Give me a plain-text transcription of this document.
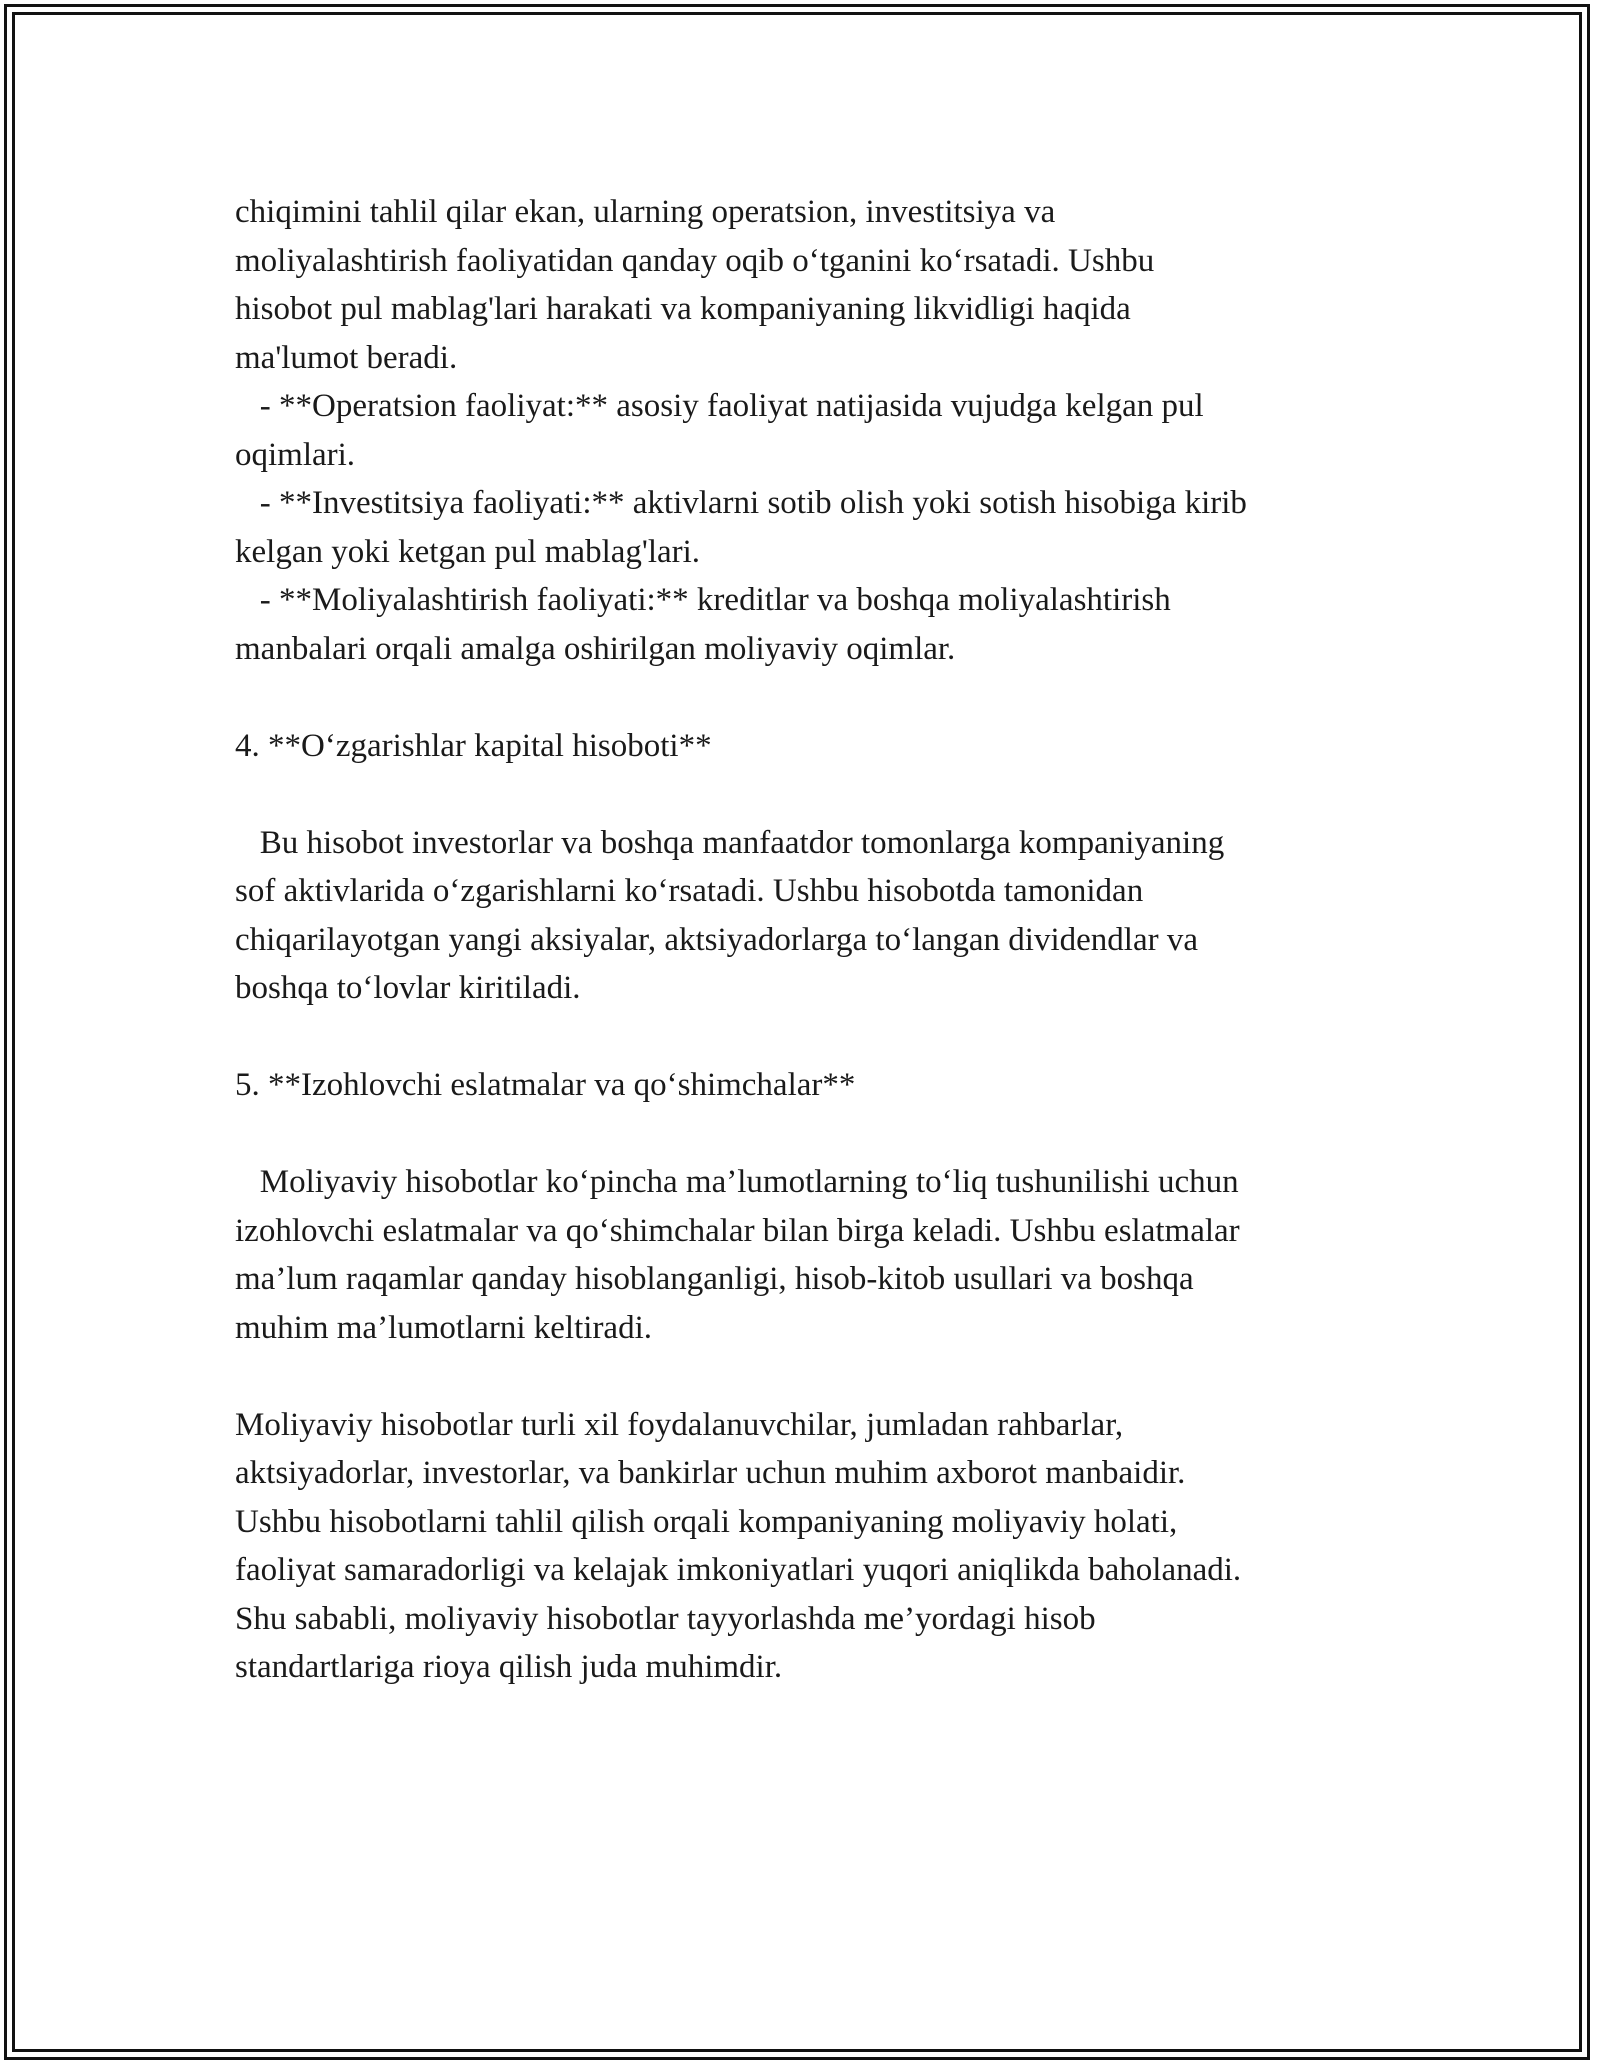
chiqimini tahlil qilar ekan, ularning operatsion, investitsiya va
moliyalashtirish faoliyatidan qanday oqib o‘tganini ko‘rsatadi. Ushbu
hisobot pul mablag'lari harakati va kompaniyaning likvidligi haqida
ma'lumot beradi.
- **Operatsion faoliyat:** asosiy faoliyat natijasida vujudga kelgan pul
oqimlari.
- **Investitsiya faoliyati:** aktivlarni sotib olish yoki sotish hisobiga kirib
kelgan yoki ketgan pul mablag'lari.
- **Moliyalashtirish faoliyati:** kreditlar va boshqa moliyalashtirish
manbalari orqali amalga oshirilgan moliyaviy oqimlar.
4. **O‘zgarishlar kapital hisoboti**
Bu hisobot investorlar va boshqa manfaatdor tomonlarga kompaniyaning
sof aktivlarida o‘zgarishlarni ko‘rsatadi. Ushbu hisobotda tamonidan
chiqarilayotgan yangi aksiyalar, aktsiyadorlarga to‘langan dividendlar va
boshqa to‘lovlar kiritiladi.
5. **Izohlovchi eslatmalar va qo‘shimchalar**
Moliyaviy hisobotlar ko‘pincha ma’lumotlarning to‘liq tushunilishi uchun
izohlovchi eslatmalar va qo‘shimchalar bilan birga keladi. Ushbu eslatmalar
ma’lum raqamlar qanday hisoblanganligi, hisob-kitob usullari va boshqa
muhim ma’lumotlarni keltiradi.
Moliyaviy hisobotlar turli xil foydalanuvchilar, jumladan rahbarlar,
aktsiyadorlar, investorlar, va bankirlar uchun muhim axborot manbaidir.
Ushbu hisobotlarni tahlil qilish orqali kompaniyaning moliyaviy holati,
faoliyat samaradorligi va kelajak imkoniyatlari yuqori aniqlikda baholanadi.
Shu sababli, moliyaviy hisobotlar tayyorlashda me’yordagi hisob
standartlariga rioya qilish juda muhimdir.
